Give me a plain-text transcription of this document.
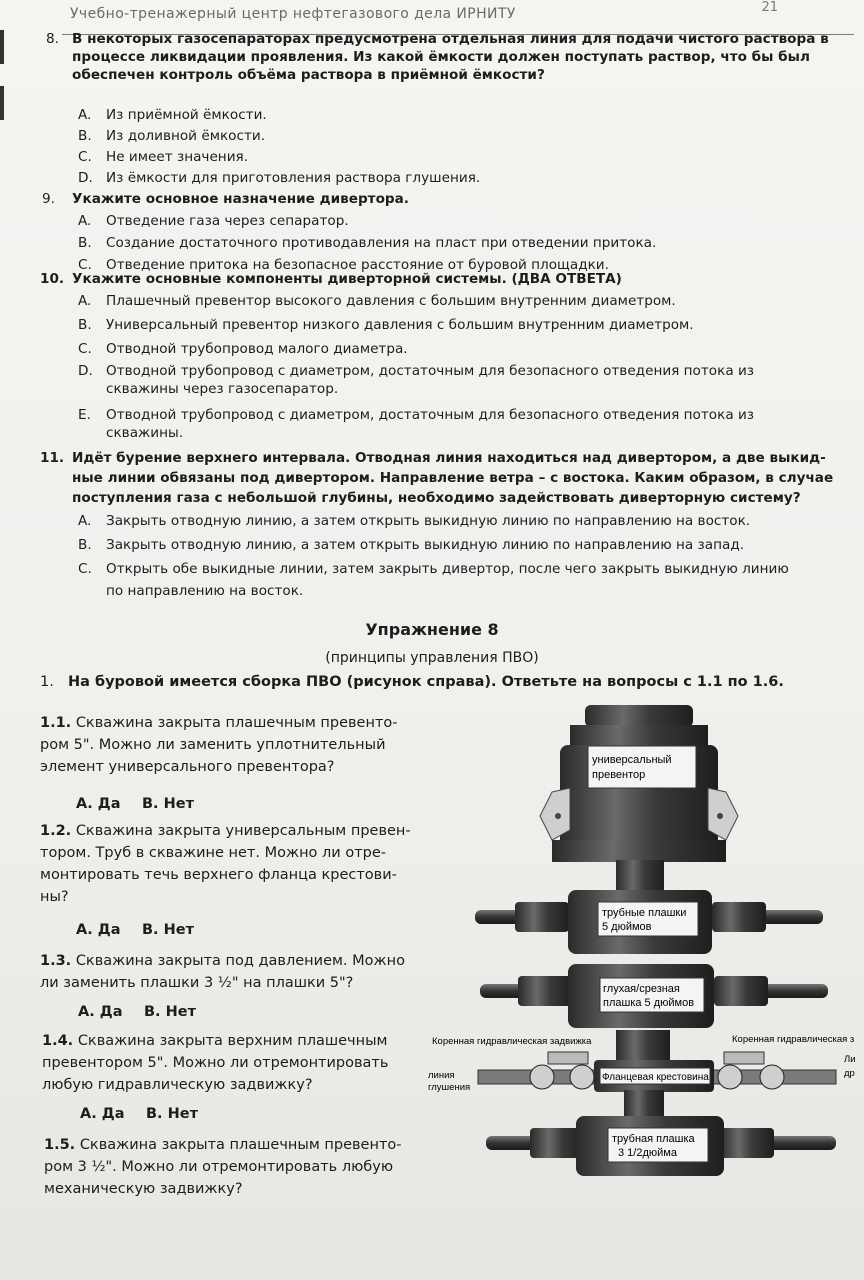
Учебно-тренажерный центр нефтегазового дела ИРНИТУ	21
8. В некоторых газосепараторах предусмотрена отдельная линия для подачи чистого раствора в
процессе ликвидации проявления. Из какой ёмкости должен поступать раствор, что бы был
обеспечен контроль объёма раствора в приёмной ёмкости?
A. Из приёмной ёмкости.
B. Из доливной ёмкости.
C. Не имеет значения.
D. Из ёмкости для приготовления раствора глушения.
9. Укажите основное назначение дивертора.
A. Отведение газа через сепаратор.
B. Создание достаточного противодавления на пласт при отведении притока.
C. Отведение притока на безопасное расстояние от буровой площадки.
10. Укажите основные компоненты диверторной системы. (ДВА ОТВЕТА)
A. Плашечный превентор высокого давления с большим внутренним диаметром.
B. Универсальный превентор низкого давления с большим внутренним диаметром.
C. Отводной трубопровод малого диаметра.
D. Отводной трубопровод с диаметром, достаточным для безопасного отведения потока из
скважины через газосепаратор.
E. Отводной трубопровод с диаметром, достаточным для безопасного отведения потока из
скважины.
11. Идёт бурение верхнего интервала. Отводная линия находиться над дивертором, а две выкид-
ные линии обвязаны под дивертором. Направление ветра – с востока. Каким образом, в случае
поступления газа с небольшой глубины, необходимо задействовать диверторную систему?
A. Закрыть отводную линию, а затем открыть выкидную линию по направлению на восток.
B. Закрыть отводную линию, а затем открыть выкидную линию по направлению на запад.
C. Открыть обе выкидные линии, затем закрыть дивертор, после чего закрыть выкидную линию
по направлению на восток.
Упражнение 8
(принципы управления ПВО)
1. На буровой имеется сборка ПВО (рисунок справа). Ответьте на вопросы с 1.1 по 1.6.
1.1. Скважина закрыта плашечным превенто-
ром 5". Можно ли заменить уплотнительный
элемент универсального превентора?
А. Да В. Нет
1.2. Скважина закрыта универсальным превен-
тором. Труб в скважине нет. Можно ли отре-
монтировать течь верхнего фланца крестови-
ны?
А. Да В. Нет
1.3. Скважина закрыта под давлением. Можно
ли заменить плашки 3 ½" на плашки 5"?
А. Да В. Нет
1.4. Скважина закрыта верхним плашечным
превентором 5". Можно ли отремонтировать
любую гидравлическую задвижку?
А. Да В. Нет
1.5. Скважина закрыта плашечным превенто-
ром 3 ½". Можно ли отремонтировать любую
механическую задвижку?
универсальный
превентор
трубные плашки
5 дюймов
глухая/срезная
плашка 5 дюймов
Коренная гидравлическая задвижка	Коренная гидравлическая з
Ли
др
линия
глушения
Фланцевая крестовина
трубная плашка
3 1/2дюйма
